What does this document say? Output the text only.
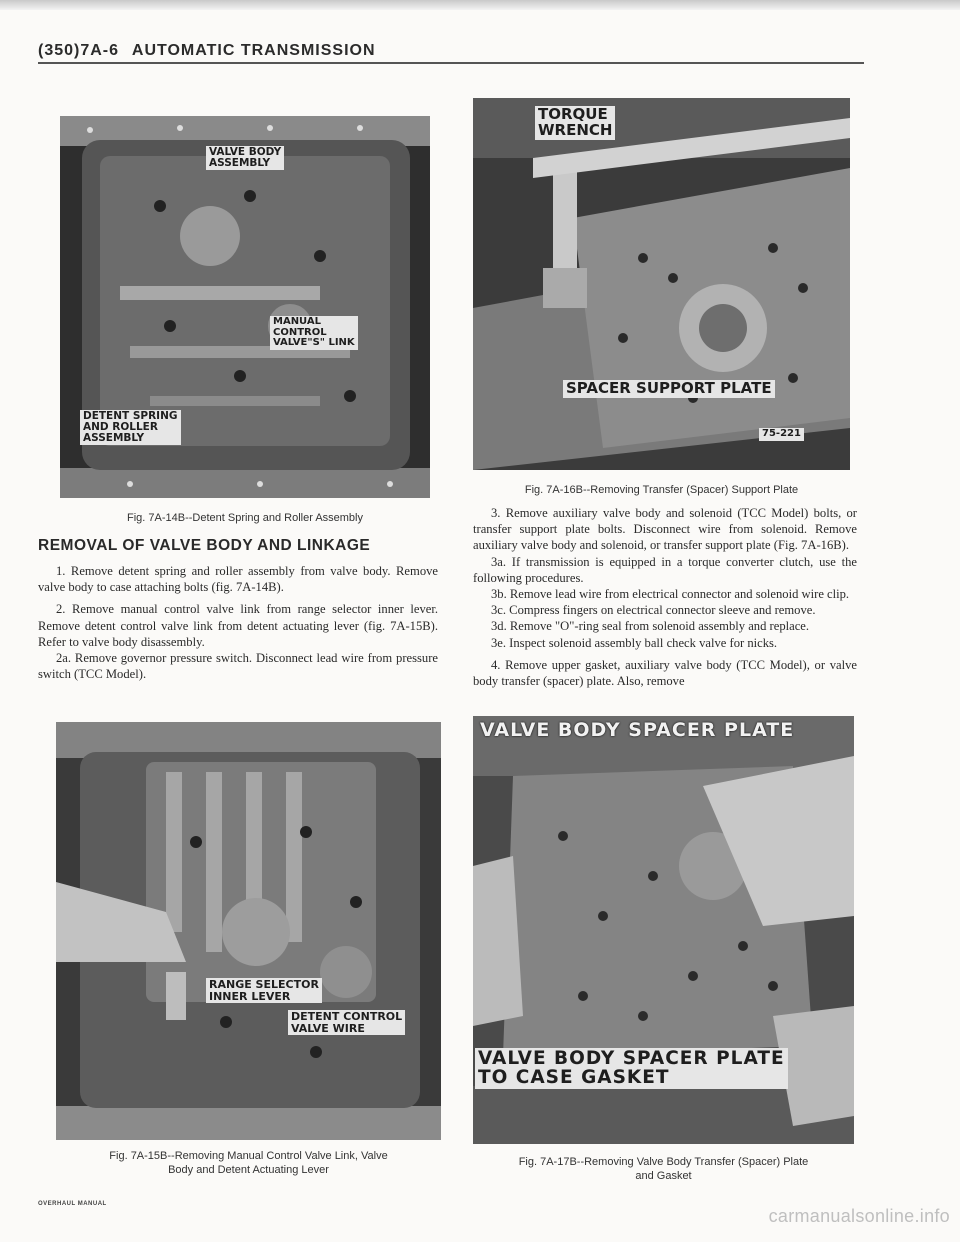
(350)7A-6 AUTOMATIC TRANSMISSION
VALVE BODY
ASSEMBLY
MANUAL
CONTROL
VALVE"S" LINK
DETENT SPRING
AND ROLLER
ASSEMBLY
Fig. 7A-14B--Detent Spring and Roller Assembly
TORQUE
WRENCH
SPACER SUPPORT PLATE
75-221
Fig. 7A-16B--Removing Transfer (Spacer) Support Plate
REMOVAL OF VALVE BODY AND LINKAGE

1. Remove detent spring and roller assembly from valve body. Remove valve body to case attaching bolts (fig. 7A-14B).

2. Remove manual control valve link from range selector inner lever. Remove detent control valve link from detent actuating lever (fig. 7A-15B). Refer to valve body disassembly.

2a. Remove governor pressure switch. Disconnect lead wire from pressure switch (TCC Model).

3. Remove auxiliary valve body and solenoid (TCC Model) bolts, or transfer support plate bolts. Disconnect wire from solenoid. Remove auxiliary valve body and solenoid, or transfer support plate (Fig. 7A-16B).

3a. If transmission is equipped in a torque converter clutch, use the following procedures.

3b. Remove lead wire from electrical connector and solenoid wire clip.

3c. Compress fingers on electrical connector sleeve and remove.

3d. Remove "O"-ring seal from solenoid assembly and replace.

3e. Inspect solenoid assembly ball check valve for nicks.

4. Remove upper gasket, auxiliary valve body (TCC Model), or valve body transfer (spacer) plate. Also, remove

RANGE SELECTOR
INNER LEVER
DETENT CONTROL
VALVE WIRE
Fig. 7A-15B--Removing Manual Control Valve Link, Valve
Body and Detent Actuating Lever
VALVE BODY SPACER PLATE
VALVE BODY SPACER PLATE
TO CASE GASKET
Fig. 7A-17B--Removing Valve Body Transfer (Spacer) Plate
and Gasket
OVERHAUL MANUAL
carmanualsonline.info
